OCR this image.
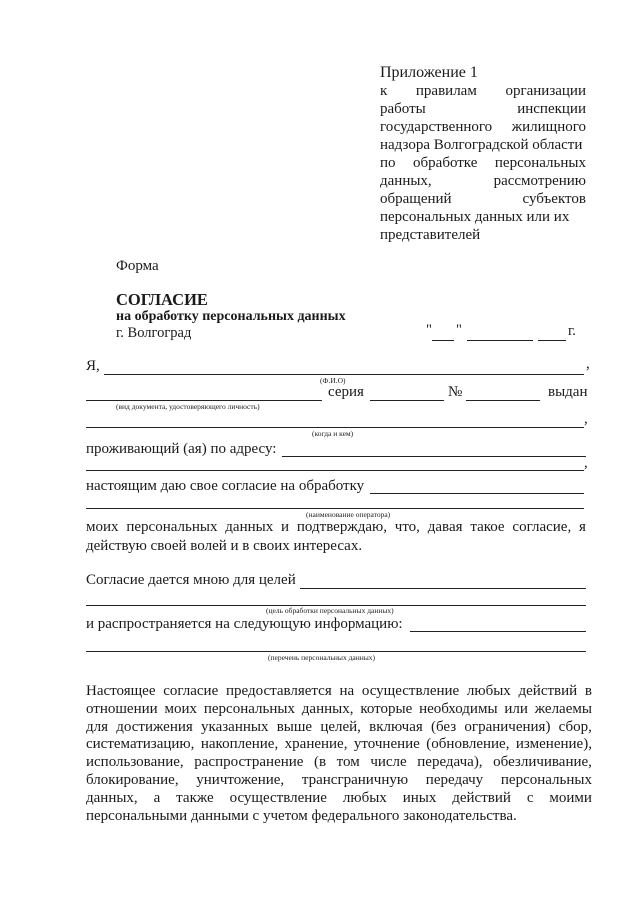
Приложение 1
к правилам организации
работы	инспекции
государственного жилищного
надзора Волгоградской области
по обработке персональных
данных,	рассмотрению
обращений	субъектов
персональных данных или их
представителей
Форма
СОГЛАСИЕ
на обработку персональных данных
г. Волгоград	" "	г.
Я,	,
(Ф.И.О)
серия	№	выдан
(вид документа, удостоверяющего личность)
,
(когда и кем)
проживающий (ая) по адресу:
,
настоящим даю свое согласие на обработку
(наименование оператора)
моих персональных данных и подтверждаю, что, давая такое согласие, я
действую своей волей и в своих интересах.
Согласие дается мною для целей
(цель обработки персональных данных)
и распространяется на следующую информацию:
(перечень персональных данных)
Настоящее согласие предоставляется на осуществление любых действий в
отношении моих персональных данных, которые необходимы или желаемы
для достижения указанных выше целей, включая (без ограничения) сбор,
систематизацию, накопление, хранение, уточнение (обновление, изменение),
использование, распространение (в том числе передача), обезличивание,
блокирование, уничтожение, трансграничную передачу персональных
данных, а также осуществление любых иных действий с моими
персональными данными с учетом федерального законодательства.
